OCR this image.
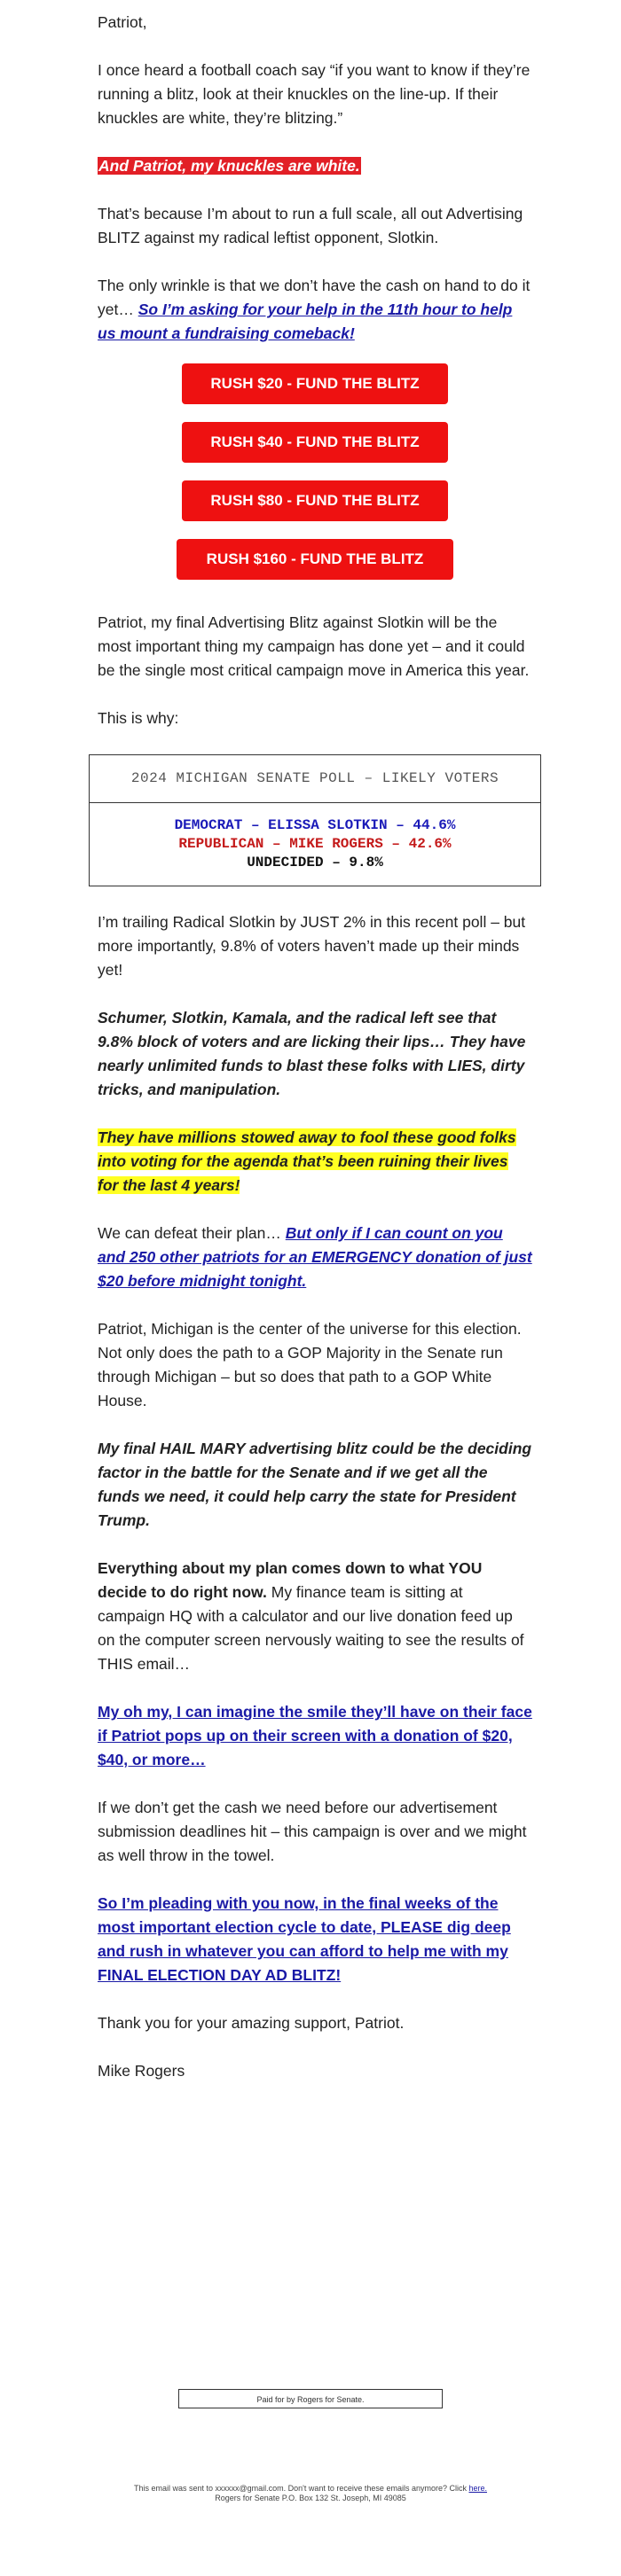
Patriot,

I once heard a football coach say “if you want to know if they’re running a blitz, look at their knuckles on the line-up. If their knuckles are white, they’re blitzing.”

And Patriot, my knuckles are white.

That’s because I’m about to run a full scale, all out Advertising BLITZ against my radical leftist opponent, Slotkin.

The only wrinkle is that we don’t have the cash on hand to do it yet… So I’m asking for your help in the 11th hour to help us mount a fundraising comeback!

RUSH $20 - FUND THE BLITZ
RUSH $40 - FUND THE BLITZ
RUSH $80 - FUND THE BLITZ
RUSH $160 - FUND THE BLITZ

Patriot, my final Advertising Blitz against Slotkin will be the most important thing my campaign has done yet – and it could be the single most critical campaign move in America this year.

This is why:

2024 MICHIGAN SENATE POLL – LIKELY VOTERS
DEMOCRAT – ELISSA SLOTKIN – 44.6%
REPUBLICAN – MIKE ROGERS – 42.6%
UNDECIDED – 9.8%

I’m trailing Radical Slotkin by JUST 2% in this recent poll – but more importantly, 9.8% of voters haven’t made up their minds yet!

Schumer, Slotkin, Kamala, and the radical left see that 9.8% block of voters and are licking their lips… They have nearly unlimited funds to blast these folks with LIES, dirty tricks, and manipulation.

They have millions stowed away to fool these good folks into voting for the agenda that’s been ruining their lives for the last 4 years!

We can defeat their plan… But only if I can count on you and 250 other patriots for an EMERGENCY donation of just $20 before midnight tonight.

Patriot, Michigan is the center of the universe for this election. Not only does the path to a GOP Majority in the Senate run through Michigan – but so does that path to a GOP White House.

My final HAIL MARY advertising blitz could be the deciding factor in the battle for the Senate and if we get all the funds we need, it could help carry the state for President Trump.

Everything about my plan comes down to what YOU decide to do right now. My finance team is sitting at campaign HQ with a calculator and our live donation feed up on the computer screen nervously waiting to see the results of THIS email…

My oh my, I can imagine the smile they’ll have on their face if Patriot pops up on their screen with a donation of $20, $40, or more…

If we don’t get the cash we need before our advertisement submission deadlines hit – this campaign is over and we might as well throw in the towel.

So I’m pleading with you now, in the final weeks of the most important election cycle to date, PLEASE dig deep and rush in whatever you can afford to help me with my FINAL ELECTION DAY AD BLITZ!

Thank you for your amazing support, Patriot.

Mike Rogers

Paid for by Rogers for Senate.
This email was sent to xxxxxx@gmail.com. Don't want to receive these emails anymore? Click here.
Rogers for Senate P.O. Box 132 St. Joseph, MI 49085
